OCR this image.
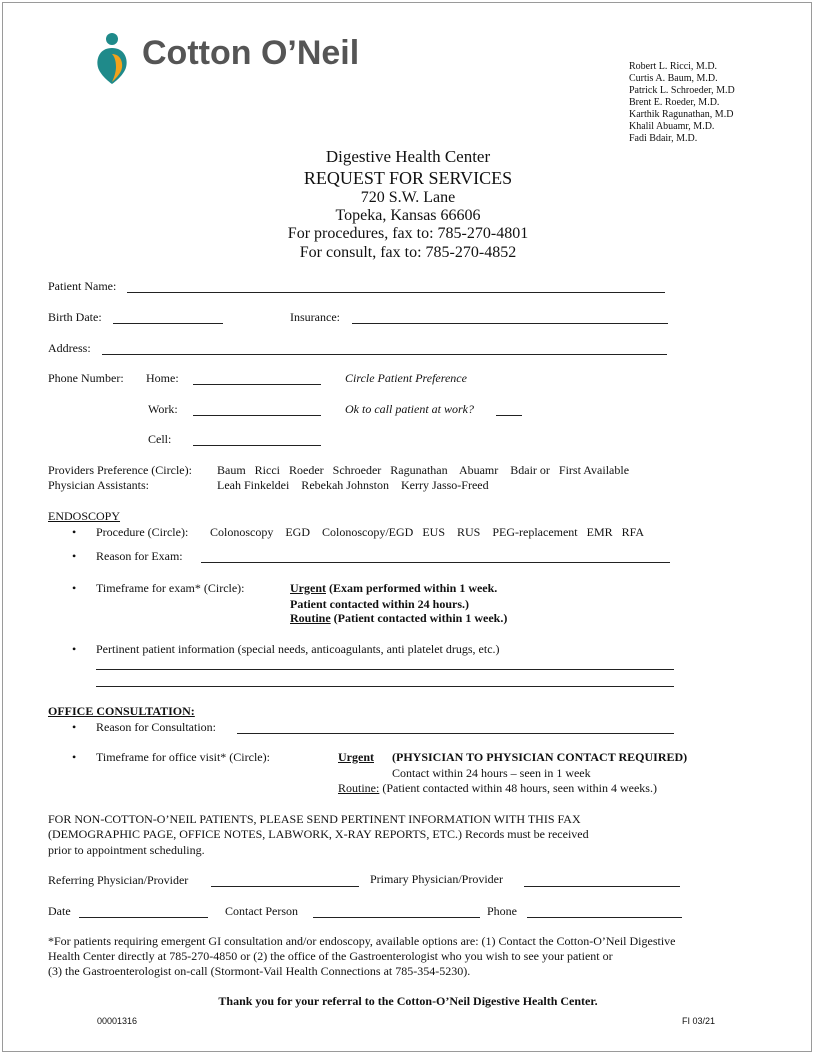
Cotton O’Neil	Robert L. Ricci, M.D.
Curtis A. Baum, M.D.
Patrick L. Schroeder, M.D
Brent E. Roeder, M.D.
Karthik Ragunathan, M.D
Khalil Abuamr, M.D.
Fadi Bdair, M.D.
Digestive Health Center
REQUEST FOR SERVICES
720 S.W. Lane
Topeka, Kansas 66606
For procedures, fax to: 785-270-4801
For consult, fax to: 785-270-4852
Patient Name:
Birth Date:	Insurance:
Address:
Phone Number: Home:	Circle Patient Preference
Work:	Ok to call patient at work?
Cell:
Providers Preference (Circle): Baum   Ricci   Roeder   Schroeder   Ragunathan    Abuamr    Bdair or   First Available
Physician Assistants:	Leah Finkeldei    Rebekah Johnston    Kerry Jasso-Freed
ENDOSCOPY
• Procedure (Circle): Colonoscopy    EGD    Colonoscopy/EGD   EUS    RUS    PEG-replacement   EMR   RFA
• Reason for Exam:
• Timeframe for exam* (Circle):	Urgent (Exam performed within 1 week.
Patient contacted within 24 hours.)
Routine (Patient contacted within 1 week.)
• Pertinent patient information (special needs, anticoagulants, anti platelet drugs, etc.)
OFFICE CONSULTATION:
• Reason for Consultation:
• Timeframe for office visit* (Circle):	Urgent (PHYSICIAN TO PHYSICIAN CONTACT REQUIRED)
Contact within 24 hours – seen in 1 week
Routine: (Patient contacted within 48 hours, seen within 4 weeks.)
FOR NON-COTTON-O’NEIL PATIENTS, PLEASE SEND PERTINENT INFORMATION WITH THIS FAX
(DEMOGRAPHIC PAGE, OFFICE NOTES, LABWORK, X-RAY REPORTS, ETC.) Records must be received
prior to appointment scheduling.
Referring Physician/Provider	Primary Physician/Provider
Date	Contact Person	Phone
*For patients requiring emergent GI consultation and/or endoscopy, available options are: (1) Contact the Cotton-O’Neil Digestive
Health Center directly at 785-270-4850 or (2) the office of the Gastroenterologist who you wish to see your patient or
(3) the Gastroenterologist on-call (Stormont-Vail Health Connections at 785-354-5230).
Thank you for your referral to the Cotton-O’Neil Digestive Health Center.
00001316	FI 03/21
